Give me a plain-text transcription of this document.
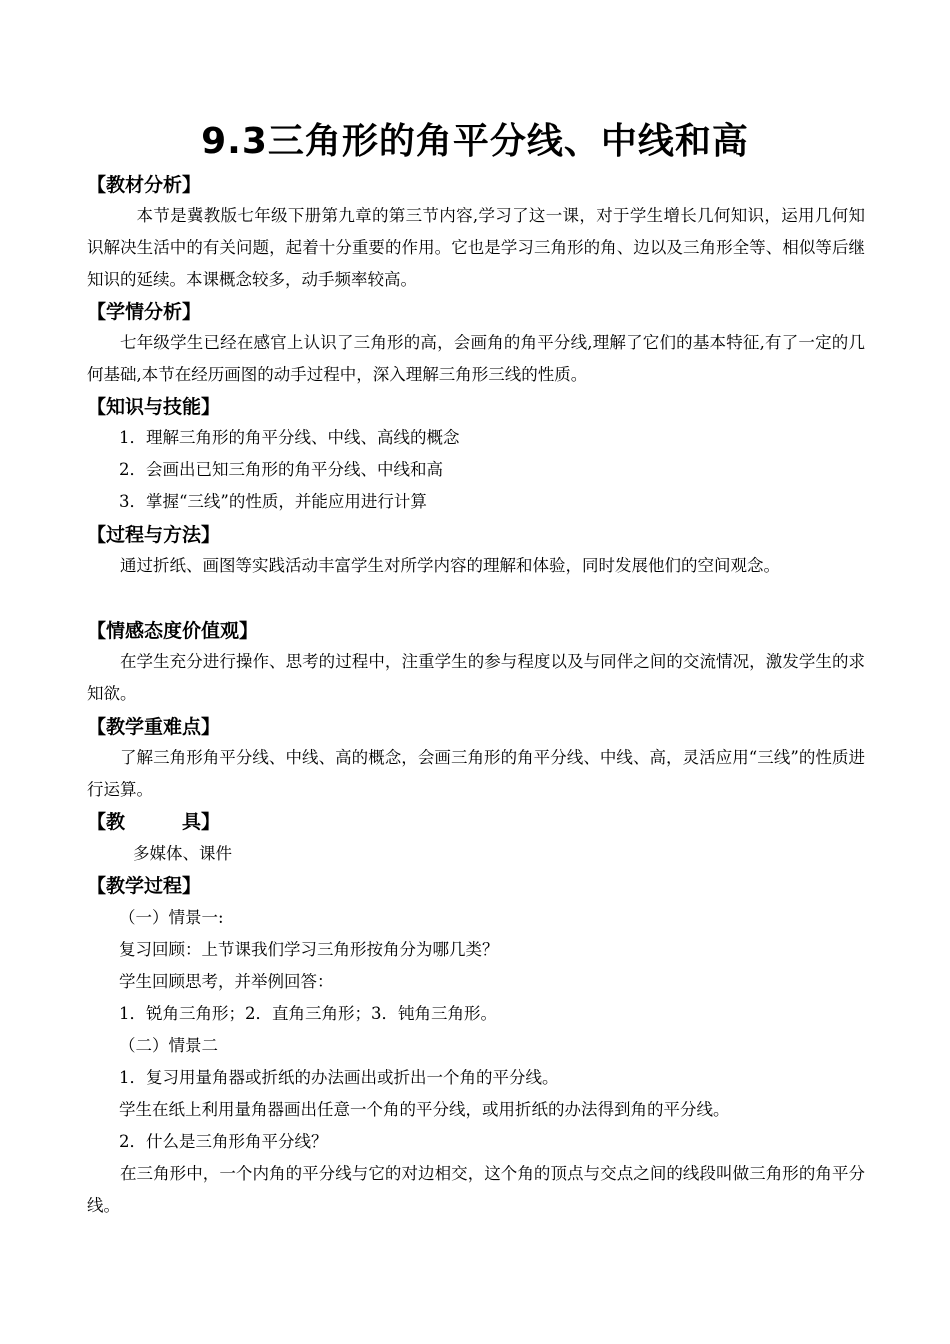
9.3三角形的角平分线、中线和高
【教材分析】
本节是冀教版七年级下册第九章的第三节内容,学习了这一课，对于学生增长几何知识，运用几何知识解决生活中的有关问题，起着十分重要的作用。它也是学习三角形的角、边以及三角形全等、相似等后继知识的延续。本课概念较多，动手频率较高。
【学情分析】
七年级学生已经在感官上认识了三角形的高，会画角的角平分线,理解了它们的基本特征,有了一定的几何基础,本节在经历画图的动手过程中，深入理解三角形三线的性质。
【知识与技能】
1．理解三角形的角平分线、中线、高线的概念
2．会画出已知三角形的角平分线、中线和高
3．掌握“三线”的性质，并能应用进行计算
【过程与方法】
通过折纸、画图等实践活动丰富学生对所学内容的理解和体验，同时发展他们的空间观念。
【情感态度价值观】
在学生充分进行操作、思考的过程中，注重学生的参与程度以及与同伴之间的交流情况，激发学生的求知欲。
【教学重难点】
了解三角形角平分线、中线、高的概念，会画三角形的角平分线、中线、高，灵活应用“三线”的性质进行运算。
【教　　　具】
多媒体、课件
【教学过程】
（一）情景一:
复习回顾：上节课我们学习三角形按角分为哪几类？
学生回顾思考，并举例回答：
1．锐角三角形；2．直角三角形；3．钝角三角形。
（二）情景二
1．复习用量角器或折纸的办法画出或折出一个角的平分线。
学生在纸上利用量角器画出任意一个角的平分线，或用折纸的办法得到角的平分线。
2．什么是三角形角平分线？
在三角形中，一个内角的平分线与它的对边相交，这个角的顶点与交点之间的线段叫做三角形的角平分线。
